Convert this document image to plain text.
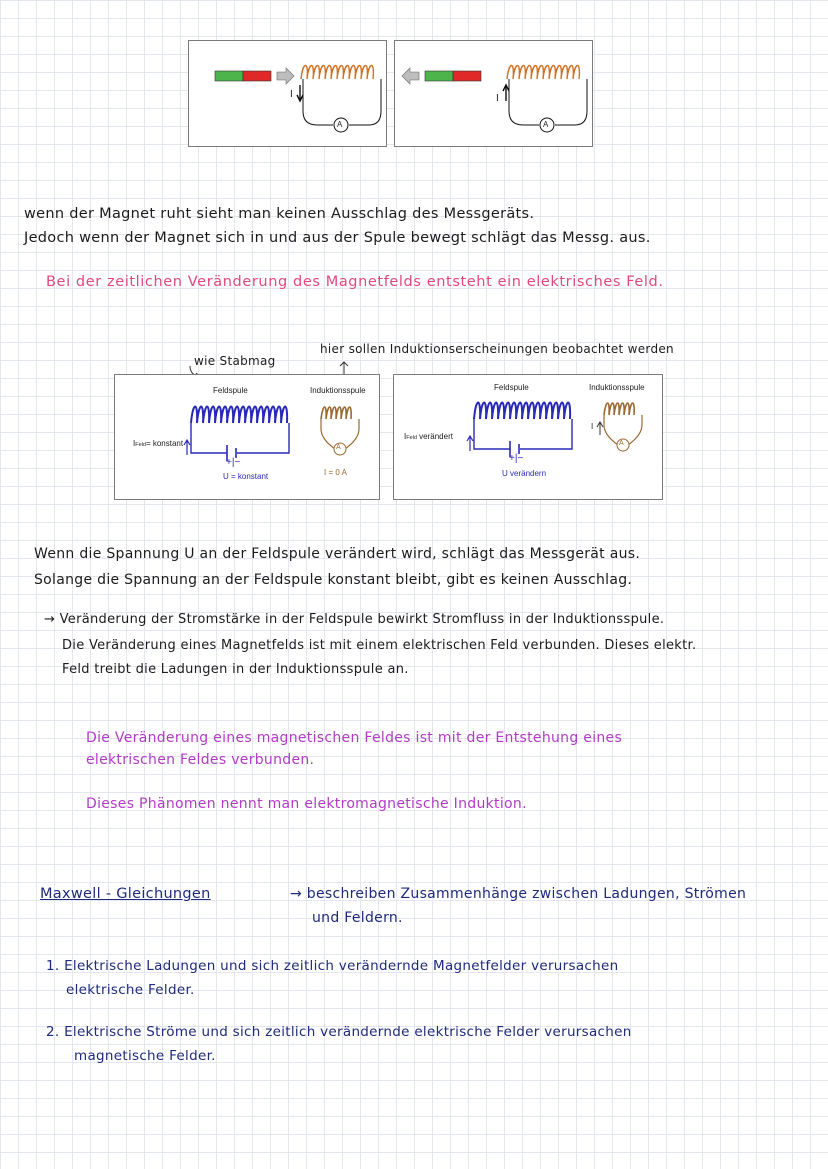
I
A
I
A
wenn der Magnet ruht sieht man keinen Ausschlag des Messgeräts.
Jedoch wenn der Magnet sich in und aus der Spule bewegt schlägt das Messg. aus.
Bei der zeitlichen Veränderung des Magnetfelds entsteht ein elektrisches Feld.
hier sollen Induktionserscheinungen beobachtet werden
wie Stabmag
Feldspule	Induktionsspule
IFeld= konstant
+|−
U = konstant	I = 0 A
A
Feldspule	Induktionsspule
IFeld verändert
+|−
U verändern
I
A
Wenn die Spannung U an der Feldspule verändert wird, schlägt das Messgerät aus.
Solange die Spannung an der Feldspule konstant bleibt, gibt es keinen Ausschlag.
→ Veränderung der Stromstärke in der Feldspule bewirkt Stromfluss in der Induktionsspule.
Die Veränderung eines Magnetfelds ist mit einem elektrischen Feld verbunden. Dieses elektr.
Feld treibt die Ladungen in der Induktionsspule an.
Die Veränderung eines magnetischen Feldes ist mit der Entstehung eines
elektrischen Feldes verbunden.
Dieses Phänomen nennt man elektromagnetische Induktion.
Maxwell - Gleichungen	→ beschreiben Zusammenhänge zwischen Ladungen, Strömen
und Feldern.
1. Elektrische Ladungen und sich zeitlich verändernde Magnetfelder verursachen
elektrische Felder.
2. Elektrische Ströme und sich zeitlich verändernde elektrische Felder verursachen
magnetische Felder.
